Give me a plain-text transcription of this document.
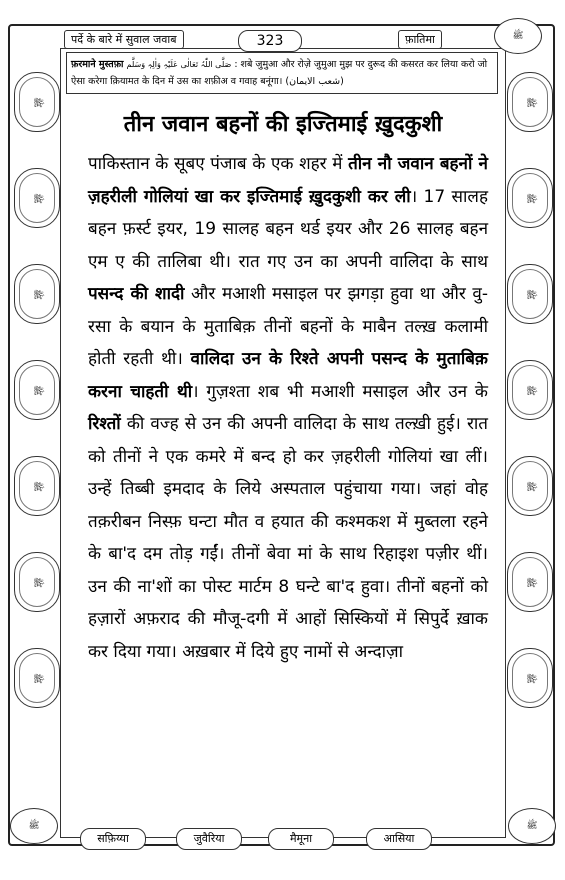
पर्दे के बारे में सुवाल जवाब	323	फ़ातिमा	ﷺ
फ़रमाने मुस्तफ़ा صَلَّى اللّٰہُ تَعَالٰی عَلَیْہِ وَاٰلِہٖ وَسَلَّم : शबे जुमुआ और रोज़े जुमुआ मुझ पर दुरूद की कसरत कर लिया करो जो ऐसा करेगा क़ियामत के दिन में उस का शफ़ीअ व गवाह बनूंगा। (شعب الایمان)
तीन जवान बहनों की इज्तिमाई ख़ुदकुशी
पाकिस्तान के सूबए पंजाब के एक शहर में तीन नौ जवान बहनों ने ज़हरीली गोलियां खा कर इज्तिमाई ख़ुदकुशी कर ली। 17 सालह बहन फ़र्स्ट इयर, 19 सालह बहन थर्ड इयर और 26 सालह बहन एम ए की तालिबा थी। रात गए उन का अपनी वालिदा के साथ पसन्द की शादी और मआशी मसाइल पर झगड़ा हुवा था और वु-रसा के बयान के मुताबिक़ तीनों बहनों के माबैन तल्ख़ कलामी होती रहती थी। वालिदा उन के रिश्ते अपनी पसन्द के मुताबिक़ करना चाहती थी। गुज़श्ता शब भी मआशी मसाइल और उन के रिश्तों की वज्ह से उन की अपनी वालिदा के साथ तल्ख़ी हुई। रात को तीनों ने एक कमरे में बन्द हो कर ज़हरीली गोलियां खा लीं। उन्हें तिब्बी इमदाद के लिये अस्पताल पहुंचाया गया। जहां वोह तक़रीबन निस्फ़ घन्टा मौत व हयात की कश्मकश में मुब्तला रहने के बा'द दम तोड़ गईं। तीनों बेवा मां के साथ रिहाइश पज़ीर थीं। उन की ना'शों का पोस्ट मार्टम 8 घन्टे बा'द हुवा। तीनों बहनों को हज़ारों अफ़राद की मौजू-दगी में आहों सिस्कियों में सिपुर्दे ख़ाक कर दिया गया। अख़बार में दिये हुए नामों से अन्दाज़ा
ﷺ
ﷺ
ﷺ
ﷺ
ﷺ
ﷺ
ﷺ
ﷺ
ﷺ
ﷺ
ﷺ
ﷺ
ﷺ
ﷺ
ﷺ
सफ़िय्या	जुवैरिया	मैमूना	आसिया
ﷺ
